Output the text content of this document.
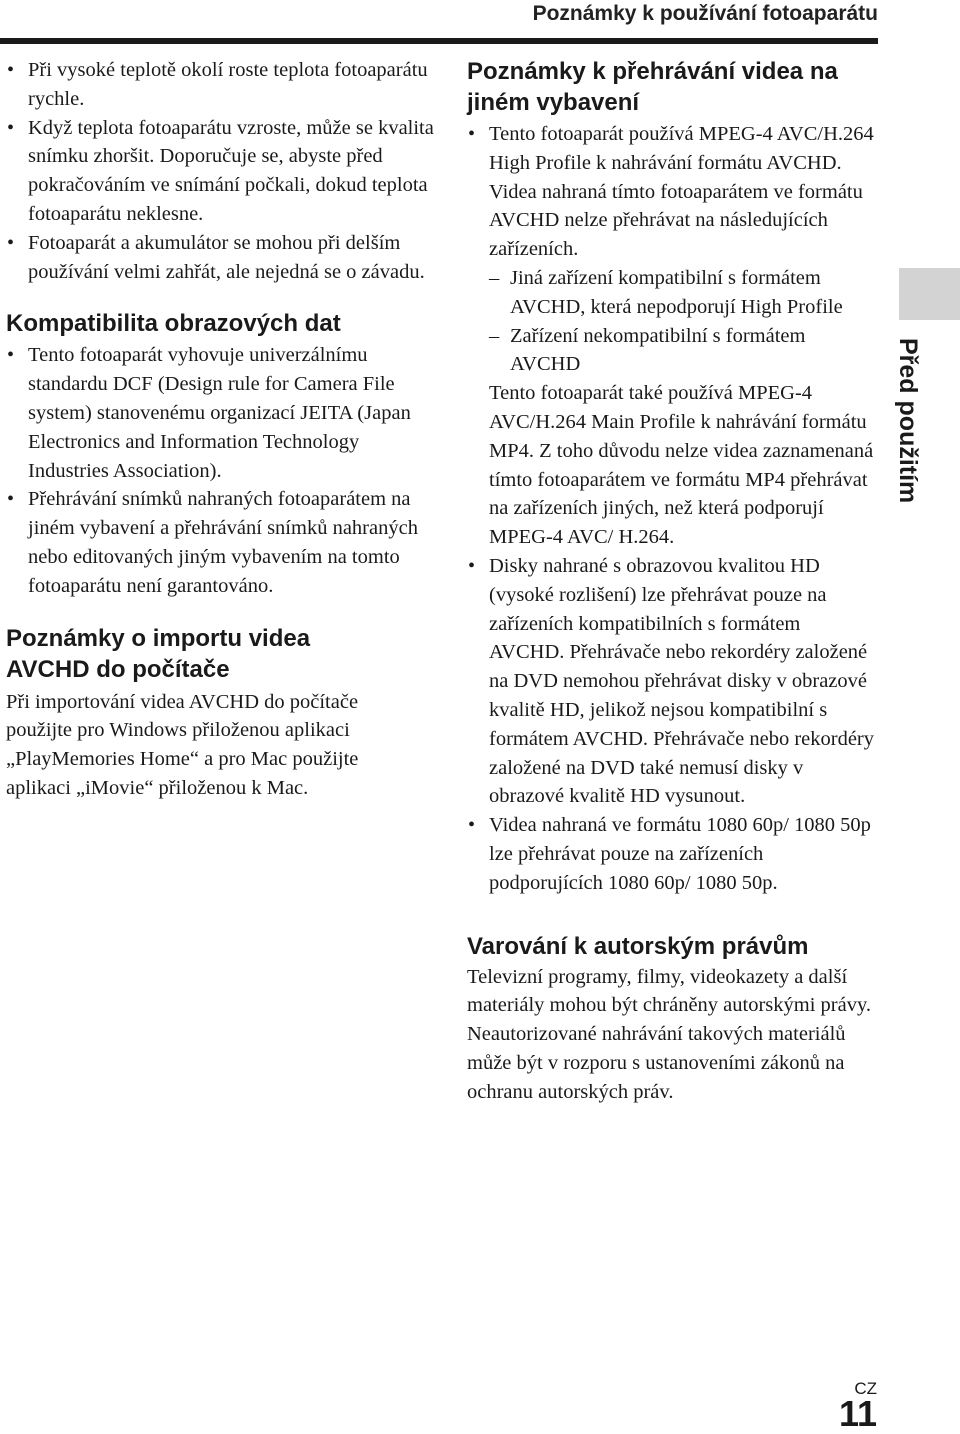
Poznámky k používání fotoaparátu
• Při vysoké teplotě okolí roste teplota fotoaparátu rychle.
• Když teplota fotoaparátu vzroste, může se kvalita snímku zhoršit. Doporučuje se, abyste před pokračováním ve snímání počkali, dokud teplota fotoaparátu neklesne.
• Fotoaparát a akumulátor se mohou při delším používání velmi zahřát, ale nejedná se o závadu.
Kompatibilita obrazových dat
• Tento fotoaparát vyhovuje univerzálnímu standardu DCF (Design rule for Camera File system) stanovenému organizací JEITA (Japan Electronics and Information Technology Industries Association).
• Přehrávání snímků nahraných fotoaparátem na jiném vybavení a přehrávání snímků nahraných nebo editovaných jiným vybavením na tomto fotoaparátu není garantováno.
Poznámky o importu videa AVCHD do počítače

Při importování videa AVCHD do počítače použijte pro Windows přiloženou aplikaci „PlayMemories Home“ a pro Mac použijte aplikaci „iMovie“ přiloženou k Mac.

Poznámky k přehrávání videa na jiném vybavení
• Tento fotoaparát používá MPEG-4 AVC/H.264 High Profile k nahrávání formátu AVCHD. Videa nahraná tímto fotoaparátem ve formátu AVCHD nelze přehrávat na následujících zařízeních.
– Jiná zařízení kompatibilní s formátem AVCHD, která nepodporují High Profile
– Zařízení nekompatibilní s formátem AVCHD
Tento fotoaparát také používá MPEG-4 AVC/H.264 Main Profile k nahrávání formátu MP4. Z toho důvodu nelze videa zaznamenaná tímto fotoaparátem ve formátu MP4 přehrávat na zařízeních jiných, než která podporují MPEG-4 AVC/ H.264.
• Disky nahrané s obrazovou kvalitou HD (vysoké rozlišení) lze přehrávat pouze na zařízeních kompatibilních s formátem AVCHD. Přehrávače nebo rekordéry založené na DVD nemohou přehrávat disky v obrazové kvalitě HD, jelikož nejsou kompatibilní s formátem AVCHD. Přehrávače nebo rekordéry založené na DVD také nemusí disky v obrazové kvalitě HD vysunout.
• Videa nahraná ve formátu 1080 60p/ 1080 50p lze přehrávat pouze na zařízeních podporujících 1080 60p/ 1080 50p.
Varování k autorským právům

Televizní programy, filmy, videokazety a další materiály mohou být chráněny autorskými právy. Neautorizované nahrávání takových materiálů může být v rozporu s ustanoveními zákonů na ochranu autorských práv.

Před použitím
CZ
11
